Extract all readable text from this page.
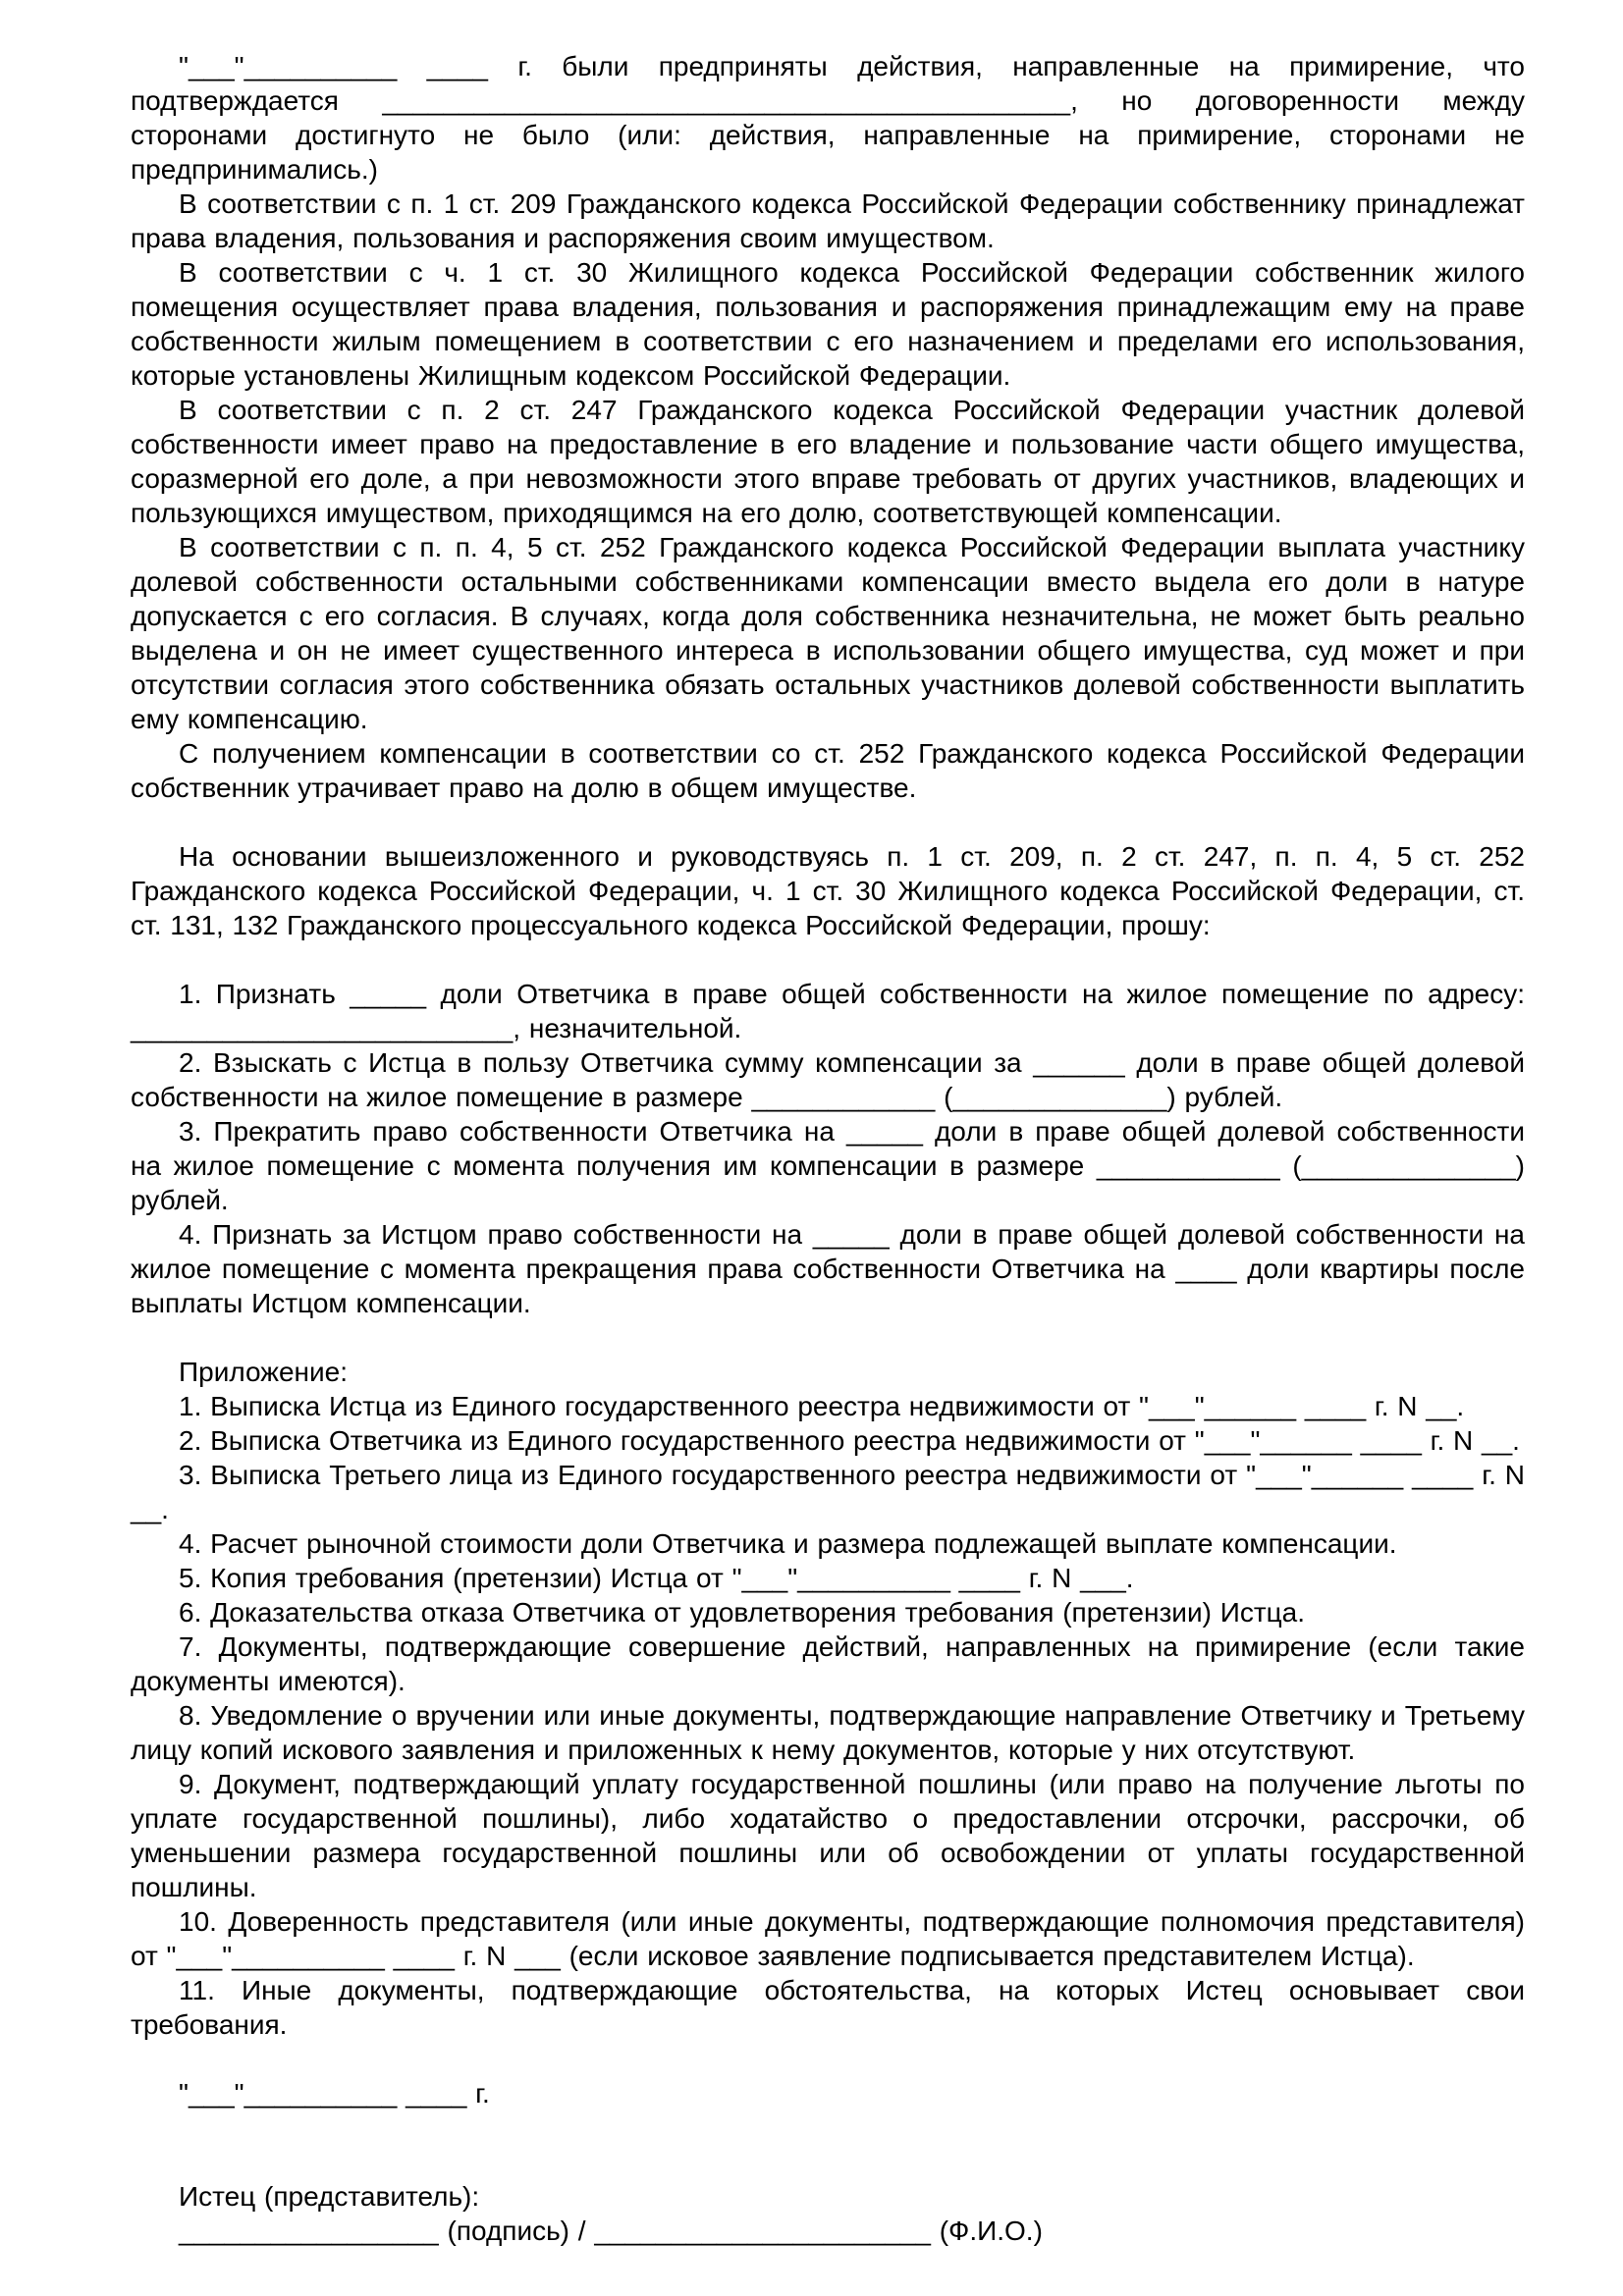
"___"__________ ____ г. были предприняты действия, направленные на примирение, что подтверждается _____________________________________________, но договоренности между сторонами достигнуто не было (или: действия, направленные на примирение, сторонами не предпринимались.)

В соответствии с п. 1 ст. 209 Гражданского кодекса Российской Федерации собственнику принадлежат права владения, пользования и распоряжения своим имуществом.

В соответствии с ч. 1 ст. 30 Жилищного кодекса Российской Федерации собственник жилого помещения осуществляет права владения, пользования и распоряжения принадлежащим ему на праве собственности жилым помещением в соответствии с его назначением и пределами его использования, которые установлены Жилищным кодексом Российской Федерации.

В соответствии с п. 2 ст. 247 Гражданского кодекса Российской Федерации участник долевой собственности имеет право на предоставление в его владение и пользование части общего имущества, соразмерной его доле, а при невозможности этого вправе требовать от других участников, владеющих и пользующихся имуществом, приходящимся на его долю, соответствующей компенсации.

В соответствии с п. п. 4, 5 ст. 252 Гражданского кодекса Российской Федерации выплата участнику долевой собственности остальными собственниками компенсации вместо выдела его доли в натуре допускается с его согласия. В случаях, когда доля собственника незначительна, не может быть реально выделена и он не имеет существенного интереса в использовании общего имущества, суд может и при отсутствии согласия этого собственника обязать остальных участников долевой собственности выплатить ему компенсацию.

С получением компенсации в соответствии со ст. 252 Гражданского кодекса Российской Федерации собственник утрачивает право на долю в общем имуществе.

На основании вышеизложенного и руководствуясь п. 1 ст. 209, п. 2 ст. 247, п. п. 4, 5 ст. 252 Гражданского кодекса Российской Федерации, ч. 1 ст. 30 Жилищного кодекса Российской Федерации, ст. ст. 131, 132 Гражданского процессуального кодекса Российской Федерации, прошу:

1. Признать _____ доли Ответчика в праве общей собственности на жилое помещение по адресу: _________________________, незначительной.

2. Взыскать с Истца в пользу Ответчика сумму компенсации за ______ доли в праве общей долевой собственности на жилое помещение в размере ____________ (______________) рублей.

3. Прекратить право собственности Ответчика на _____ доли в праве общей долевой собственности на жилое помещение с момента получения им компенсации в размере ____________ (______________) рублей.

4. Признать за Истцом право собственности на _____ доли в праве общей долевой собственности на жилое помещение с момента прекращения права собственности Ответчика на ____ доли квартиры после выплаты Истцом компенсации.

Приложение:

1. Выписка Истца из Единого государственного реестра недвижимости от "___"______ ____ г. N __.

2. Выписка Ответчика из Единого государственного реестра недвижимости от "___"______ ____ г. N __.

3. Выписка Третьего лица из Единого государственного реестра недвижимости от "___"______ ____ г. N __.

4. Расчет рыночной стоимости доли Ответчика и размера подлежащей выплате компенсации.

5. Копия требования (претензии) Истца от "___"__________ ____ г. N ___.

6. Доказательства отказа Ответчика от удовлетворения требования (претензии) Истца.

7. Документы, подтверждающие совершение действий, направленных на примирение (если такие документы имеются).

8. Уведомление о вручении или иные документы, подтверждающие направление Ответчику и Третьему лицу копий искового заявления и приложенных к нему документов, которые у них отсутствуют.

9. Документ, подтверждающий уплату государственной пошлины (или право на получение льготы по уплате государственной пошлины), либо ходатайство о предоставлении отсрочки, рассрочки, об уменьшении размера государственной пошлины или об освобождении от уплаты государственной пошлины.

10. Доверенность представителя (или иные документы, подтверждающие полномочия представителя) от "___"__________ ____ г. N ___ (если исковое заявление подписывается представителем Истца).

11. Иные документы, подтверждающие обстоятельства, на которых Истец основывает свои требования.

"___"__________ ____ г.

Истец (представитель):

_________________ (подпись) / ______________________ (Ф.И.О.)
